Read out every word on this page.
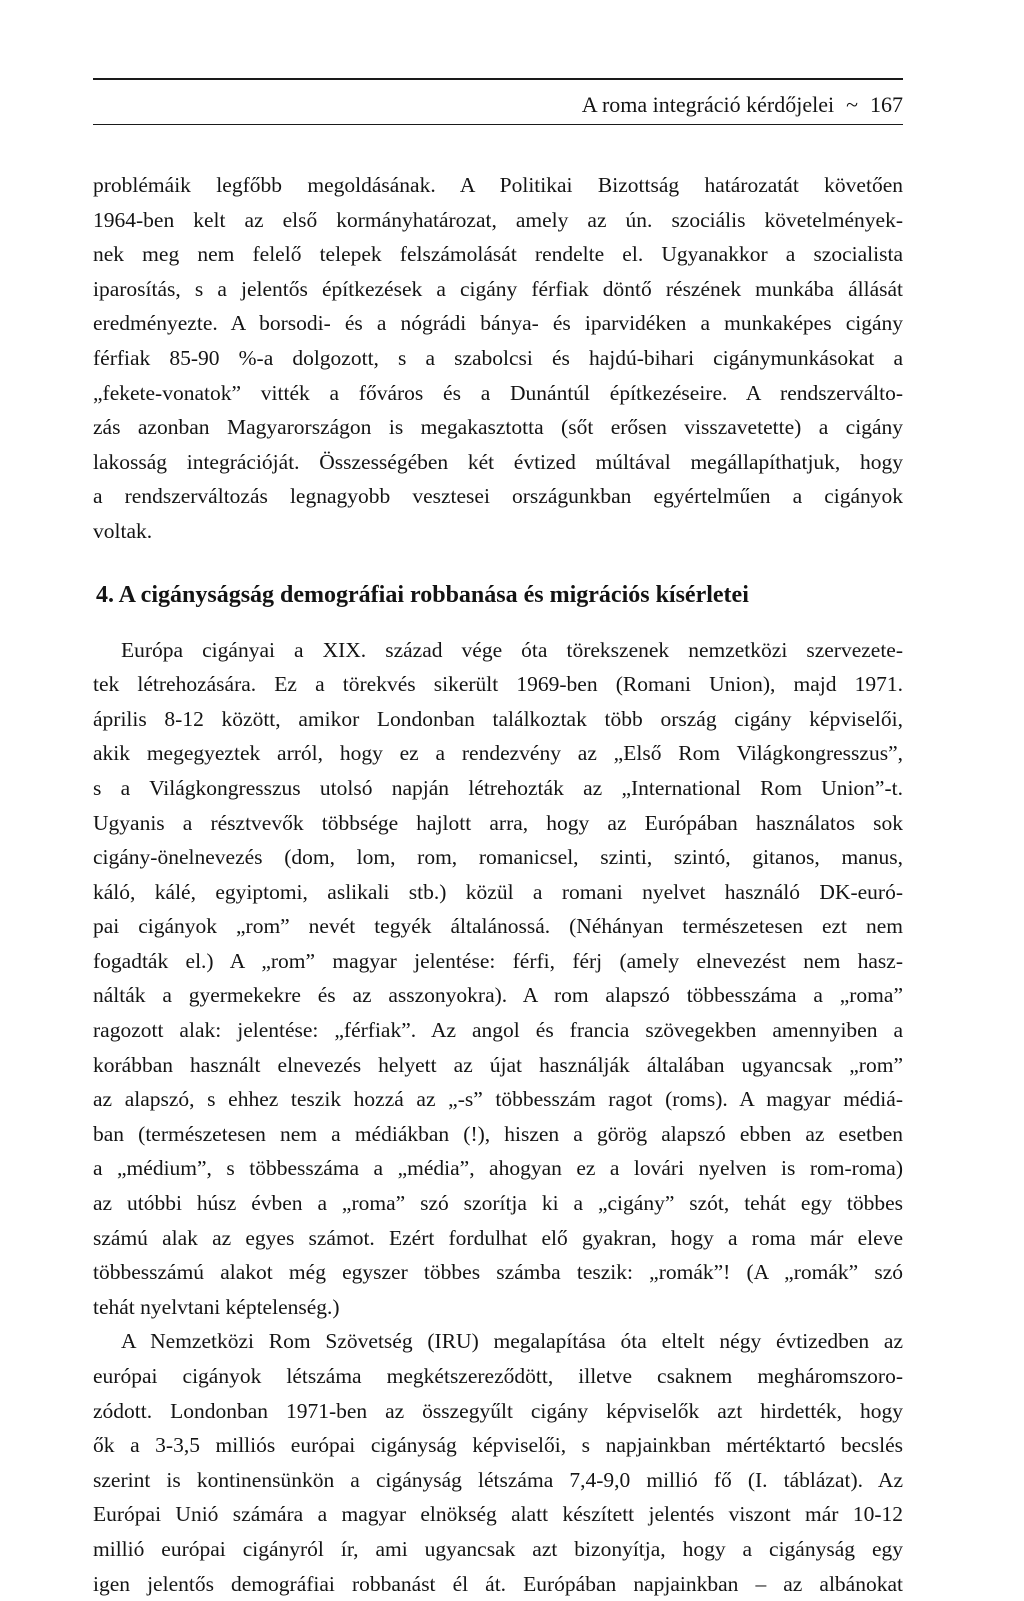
A roma integráció kérdőjelei ~ 167
problémáik legfőbb megoldásának. A Politikai Bizottság határozatát követően
1964-ben kelt az első kormányhatározat, amely az ún. szociális követelmények-
nek meg nem felelő telepek felszámolását rendelte el. Ugyanakkor a szocialista
iparosítás, s a jelentős építkezések a cigány férfiak döntő részének munkába állását
eredményezte. A borsodi- és a nógrádi bánya- és iparvidéken a munkaképes cigány
férfiak 85-90 %-a dolgozott, s a szabolcsi és hajdú-bihari cigánymunkásokat a
„fekete-vonatok” vitték a főváros és a Dunántúl építkezéseire. A rendszerválto-
zás azonban Magyarországon is megakasztotta (sőt erősen visszavetette) a cigány
lakosság integrációját. Összességében két évtized múltával megállapíthatjuk, hogy
a rendszerváltozás legnagyobb vesztesei országunkban egyértelműen a cigányok
voltak.
4. A cigányságság demográfiai robbanása és migrációs kísérletei
Európa cigányai a XIX. század vége óta törekszenek nemzetközi szervezete-
tek létrehozására. Ez a törekvés sikerült 1969-ben (Romani Union), majd 1971.
április 8-12 között, amikor Londonban találkoztak több ország cigány képviselői,
akik megegyeztek arról, hogy ez a rendezvény az „Első Rom Világkongresszus”,
s a Világkongresszus utolsó napján létrehozták az „International Rom Union”-t.
Ugyanis a résztvevők többsége hajlott arra, hogy az Európában használatos sok
cigány-önelnevezés (dom, lom, rom, romanicsel, szinti, szintó, gitanos, manus,
káló, kálé, egyiptomi, aslikali stb.) közül a romani nyelvet használó DK-euró-
pai cigányok „rom” nevét tegyék általánossá. (Néhányan természetesen ezt nem
fogadták el.) A „rom” magyar jelentése: férfi, férj (amely elnevezést nem hasz-
nálták a gyermekekre és az asszonyokra). A rom alapszó többesszáma a „roma”
ragozott alak: jelentése: „férfiak”. Az angol és francia szövegekben amennyiben a
korábban használt elnevezés helyett az újat használják általában ugyancsak „rom”
az alapszó, s ehhez teszik hozzá az „-s” többesszám ragot (roms). A magyar médiá-
ban (természetesen nem a médiákban (!), hiszen a görög alapszó ebben az esetben
a „médium”, s többesszáma a „média”, ahogyan ez a lovári nyelven is rom-roma)
az utóbbi húsz évben a „roma” szó szorítja ki a „cigány” szót, tehát egy többes
számú alak az egyes számot. Ezért fordulhat elő gyakran, hogy a roma már eleve
többesszámú alakot még egyszer többes számba teszik: „romák”! (A „romák” szó
tehát nyelvtani képtelenség.)
A Nemzetközi Rom Szövetség (IRU) megalapítása óta eltelt négy évtizedben az
európai cigányok létszáma megkétszereződött, illetve csaknem megháromszoro-
zódott. Londonban 1971-ben az összegyűlt cigány képviselők azt hirdették, hogy
ők a 3-3,5 milliós európai cigányság képviselői, s napjainkban mértéktartó becslés
szerint is kontinensünkön a cigányság létszáma 7,4-9,0 millió fő (I. táblázat). Az
Európai Unió számára a magyar elnökség alatt készített jelentés viszont már 10-12
millió európai cigányról ír, ami ugyancsak azt bizonyítja, hogy a cigányság egy
igen jelentős demográfiai robbanást él át. Európában napjainkban – az albánokat
